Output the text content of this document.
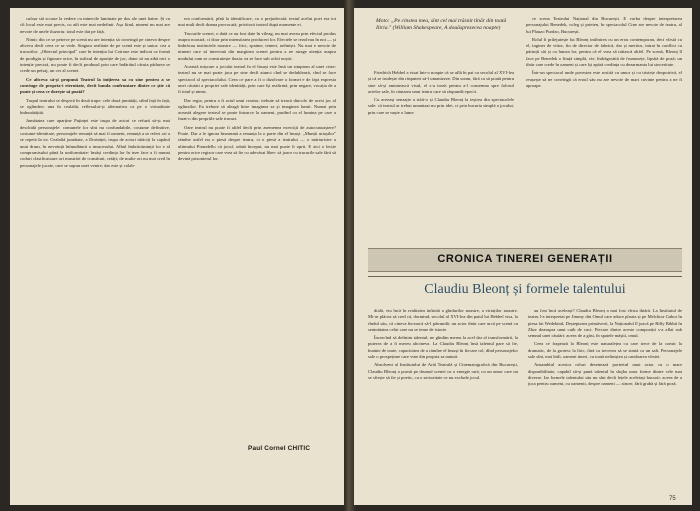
culoar stă scoase la vedere cu minecile luminate pe dos ale unei haine. Și cu cît locul este mai precis, cu atît este mai nedefinit. Așa fiind, nimeni nu mai are nevoie de unele iluzoriu: totul este dat pe față.

Nimic din ce se petrece pe scenă nu are intenția să convingă pe cineva despre altceva decît ceea ce se vede. Singura realitate de pe scenă este și unica: cea a trucurilor. „Obiectul principal" care în intenția lui Cotrone este indicat ca formă de prodigiu și figurare orice, în sufixul de apariție de joc, dator să nu aibă nici o intenție precisă, nu poate fi decît produsul prin care îndărătul căruia pădurea se crede un peisaj, un cer al scenei.

Ce altceva să-și propună Teatrul la inițierea sa cu sine pentru a se convinge de propria-i eternitate, decît banda confruntare dintre ce știe că poate și ceea ce dorește să poată?

Trupul teatrului se despică în două trupe: cele două jumătăți, stînd față în față, se oglindesc una în cealaltă, reflexului-și alternativa ca pe o virtualitate îmbunătățită.

Jumătatea care aparține Puținței este trupa de actori ce refuză să-și mai deschidă personajele: comunele lor sînt nu confundabile, costume definitive, costume-identitate; personajele renunță să mai fi oameni, renunță a se referi ori a se repetă în ea. Cealaltă jumătate, a Doriniței, trupa de actori rătăciți la capătul unui drum, în nevoință înfundătură a insucesului. Albul îmbrăcăminții lor e al compromisului până la uniformitate: însăși credința lor în teze face a fi numai coduri clasificatoare ori mustrări de constituit, cetăți; de multe ori nu mai cred în personajele jucate, care se supun unei venire; dar este și colab-

rea conformării, pînă la identificare, cu o prejudecată: textul acelui poet era tot mai mult decît drama provocată, privitorii teatrul după momente ei.

Trucurile scenei, o dată ce au fost date în vileag, nu mai aveau prin efectul produs asupra noastră, ci doar prin intensitatea produceri lor. Efectele se rezolvau în noi — și îmbrăcau instinctele noastre — frici, spaime, temeri, neliniști. Nu mai e nevoie de nimeni care să intervină din marginea scenei pentru a ne atrage atenția asupra modului cum se construiește iluzia: ea se face sub ochii noștri.

Această mișcare a jocului teatral în el însuși este însă un simptom al unei crize: teatrul nu se mai poate juca pe sine decît atunci cînd se dedublează, cînd se face spectacol al spectacolului. Ceea ce pare a fi o dizolvare a formei e de fapt expresia unei căutări a propriei sale identități, prin care își reafirmă, prin negare, vocația de a fi totul și nimic.

Dar regia, pentru a fi actul unui creator, trebuie să treacă dincolo de acest joc al oglinzilor. Ea trebuie să aleagă între imaginea sa și imaginea lumii. Numai prin această alegere teatrul se poate întoarce la oameni, purtînd cu el lumina pe care a furat-o din propriile sale trucuri.

Oare teatrul nu poate fi altfel decît prin asemenea exerciții de autocunoaștere? Poate. Dar a le ignora înseamnă a renunța la o parte din el însuși. „Munții uriașilor" rămîne astfel nu o piesă despre teatru, ci o piesă a teatrului — o mărturisire a ultimului Pirandello că jocul, odată început, nu mai poate fi oprit. E aici o lecție pentru orice regizor care vrea să fie cu adevărat liber: să joace cu trucurile sale fără să devină prizonierul lor.

Paul Cornel CHITIC
Moto: „Pe cinstea mea, sînt cel mai trăsnit tînăr din toată Iliria." (William Shakespeare, A douăsprezecea noapte)

Friedrich Hebbel a visat într-o noapte că se află în pat cu secolul al XVI-lea și că se trudește din răsputeri să-l umanizeze. Din somn, fără ca să poată pentru sine să-și amintească visul, el s-a trezit pentru a-l consemna spre folosul actelor sale, în căutarea unui teatru care să răspundă epocii.

Cu aceeași senzație a trăit-o și Claudiu Bleonț la ieșirea din spectacolele sale: că teatrul ar trebui umanizat nu prin idei, ci prin bucuria simplă a jocului, prin care se naște o lume.

ce scena Teatrului Național din București. E vorba despre interpretarea personajului Benedek, coleg și prieten, în spectacolul Cine are nevoie de teatru, al lui Plauzo Purdzo, București.

Rolul îi prilejuiește lui Bleonț intilnirea cu un erou contemporan, deci vîrstă cu el, inginer de viitor, fiu de director de fabrică, dar și meritos, intrat în conflict cu părinții săi și cu lumea lor, pentru că el vrea să trăiască altfel. Pe scenă, Bleonț îl face pe Benedek o ființă simplă, vie, îndrăgostită de frumusețe, lipsită de poză; un tînăr care crede în oameni și care își apără credința cu dezarmanta lui sinceritate.

Într-un spectacol unde povestea este rostită cu umor și cu tristețe deopotrivă, el reușește să ne convingă că eroul său nu are nevoie de mari cuvinte pentru a ne fi aproape.

CRONICA TINEREI GENERAȚII
Claudiu Bleonț și formele talentului

dială, viu încă în realitatea infinită a gîndurilor noastre, a virtuților noastre. Mi-ar plăcea să cred că, dormind, secolul al XVI-lea din patul lui Hebbel visa, la rîndul său, că cineva încearcă să-l pătrundă: un actor tînăr care urcă pe scenă cu seninătatea celui care nu se teme de istorie.

Încercînd să definim talentul, ne gîndim mereu la acel dar al transformării, la puterea de a fi mereu altcineva. La Claudiu Bleonț însă talentul pare să fie, înainte de toate, capacitatea de a rămîne el însuși în fiecare rol, dînd personajelor sale o prospețime care vine din propria sa natură.

Absolvent al Institutului de Artă Teatrală și Cinematografică din București, Claudiu Bleonț a pornit pe drumul scenei cu o energie rară, cu un umor care nu se sfiește să fie și poetic, cu o seriozitate ce nu exclude jocul.

au fost încă aceleași? Claudiu Bleonț a mai fost vîrsta tînără. La Institutul de teatru l-a interpretat pe Jimmy din Omul care aduce ploaia și pe Melchior Gabor în piesa lui Wedekind, Deșteptarea primăverii, la Naționalul îl joacă pe Billy Bibbit în Zbor deasupra unui cuib de cuci. Fiecare dintre aceste compoziții s-a aflat sub semnul unei căutări: aceea de a găsi, în spatele măștii, omul.

Ceea ce frapează la Bleonț este naturalețea cu care trece de la comic la dramatic, de la grotesc la liric, fără ca trecerea să se simtă ca un salt. Personajele sale sînt, mai întîi, oameni tineri, cu toată neliniștea și candoarea vîrstei.

Ansamblul acestor roluri desenează portretul unui actor cu o mare disponibilitate, capabil să-și pună talentul în slujba unor forme dintre cele mai diverse. Iar formele talentului său nu sînt decît fețele aceleiași bucurii: aceea de a juca pentru oameni, cu oamenii, despre oameni — sincer, fără grabă și fără poză.

75
